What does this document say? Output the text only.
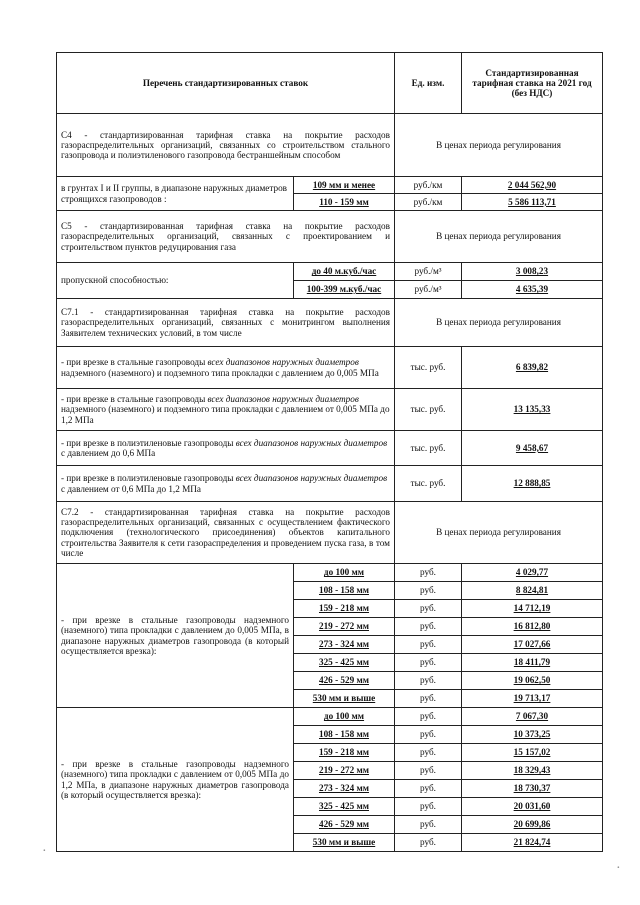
·
·
Перечень стандартизированных ставок		Ед. изм.	Стандартизированная тарифная ставка на 2021 год (без НДС)
С4 - стандартизированная тарифная ставка на покрытие расходов газораспределительных организаций, связанных со строительством стального газопровода и полиэтиленового газопровода бестраншейным способом		В ценах периода регулирования	
в грунтах I и II группы, в диапазоне наружных диаметров строящихся газопроводов :	109 мм и менее	руб./км	2 044 562,90
	110 - 159 мм	руб./км	5 586 113,71
С5 - стандартизированная тарифная ставка на покрытие расходов газораспределительных организаций, связанных с проектированием и строительством пунктов редуцирования газа		В ценах периода регулирования	
пропускной способностью:	до 40 м.куб./час	руб./м³	3 008,23
	100-399 м.куб./час	руб./м³	4 635,39
С7.1 - стандартизированная тарифная ставка на покрытие расходов газораспределительных организаций, связанных с монитрингом выполнения Заявителем технических условий, в том числе		В ценах периода регулирования	
- при врезке в стальные газопроводы всех диапазонов наружных диаметров надземного (наземного) и подземного типа прокладки с давлением до 0,005 МПа		тыс. руб.	6 839,82
- при врезке в стальные газопроводы всех диапазонов наружных диаметров надземного (наземного) и подземного типа прокладки с давлением от 0,005 МПа до 1,2 МПа		тыс. руб.	13 135,33
- при врезке в полиэтиленовые газопроводы всех диапазонов наружных диаметров с давлением до 0,6 МПа		тыс. руб.	9 458,67
- при врезке в полиэтиленовые газопроводы всех диапазонов наружных диаметров с давлением от 0,6 МПа до 1,2 МПа		тыс. руб.	12 888,85
С7.2 - стандартизированная тарифная ставка на покрытие расходов газораспределительных организаций, связанных с осуществлением фактического подключения (технологического присоединения) объектов капитального строительства Заявителя к сети газораспределения и проведением пуска газа, в том числе		В ценах периода регулирования	
- при врезке в стальные газопроводы надземного (наземного) типа прокладки с давлением до 0,005 МПа, в диапазоне наружных диаметров газопровода (в который осуществляется врезка):	до 100 мм	руб.	4 029,77
	108 - 158 мм	руб.	8 824,81
	159 - 218 мм	руб.	14 712,19
	219 - 272 мм	руб.	16 812,80
	273 - 324 мм	руб.	17 027,66
	325 - 425 мм	руб.	18 411,79
	426 - 529 мм	руб.	19 062,50
	530 мм и выше	руб.	19 713,17
- при врезке в стальные газопроводы надземного (наземного) типа прокладки с давлением от 0,005 МПа до 1,2 МПа, в диапазоне наружных диаметров газопровода (в который осуществляется врезка):	до 100 мм	руб.	7 067,30
	108 - 158 мм	руб.	10 373,25
	159 - 218 мм	руб.	15 157,02
	219 - 272 мм	руб.	18 329,43
	273 - 324 мм	руб.	18 730,37
	325 - 425 мм	руб.	20 031,60
	426 - 529 мм	руб.	20 699,86
	530 мм и выше	руб.	21 824,74
